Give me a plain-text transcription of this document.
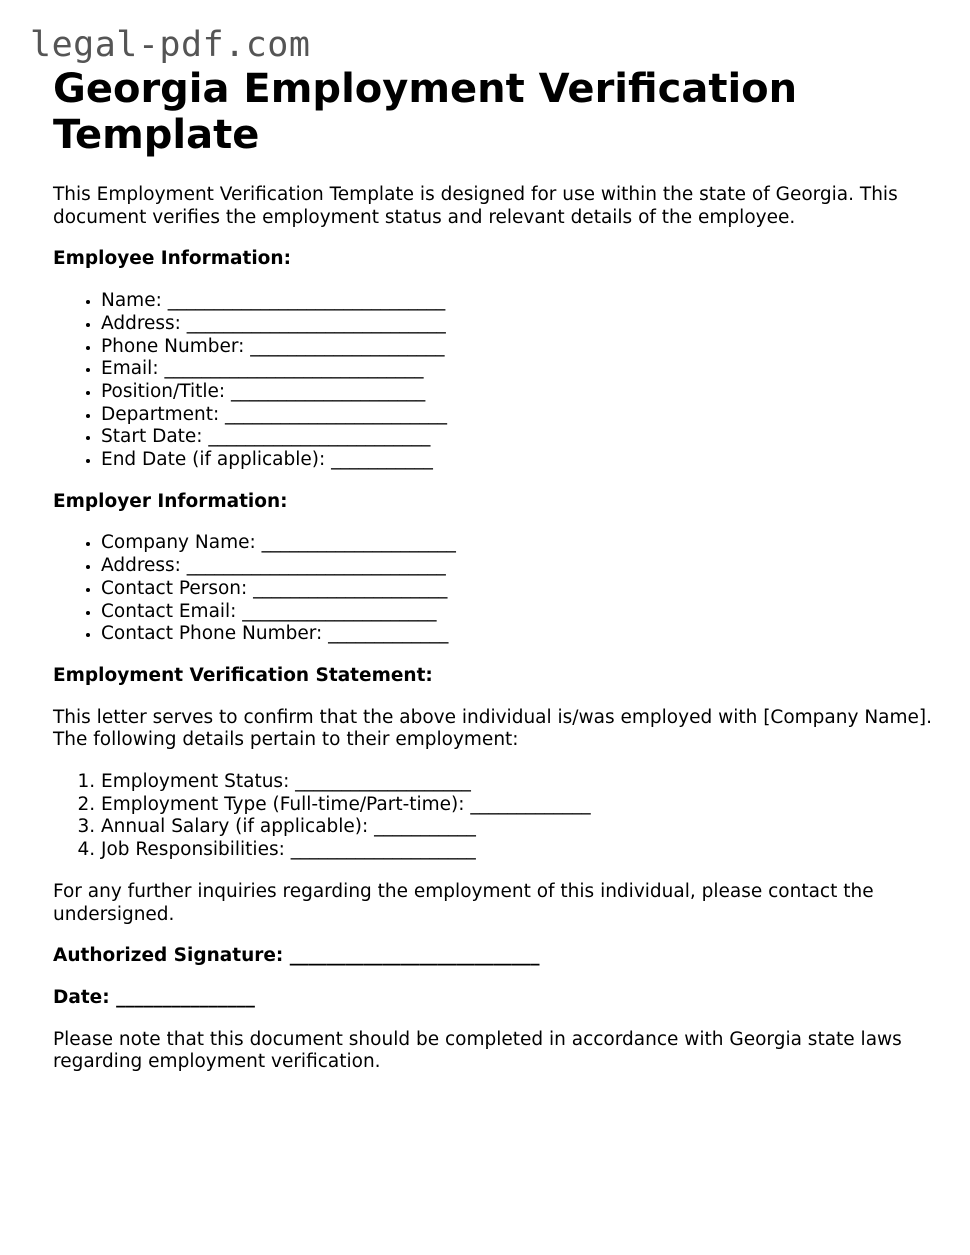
legal-pdf.com
Georgia Employment Verification Template

This Employment Verification Template is designed for use within the state of Georgia. This document verifies the employment status and relevant details of the employee.

Employee Information:
• Name: ______________________________
• Address: ____________________________
• Phone Number: _____________________
• Email: ____________________________
• Position/Title: _____________________
• Department: ________________________
• Start Date: ________________________
• End Date (if applicable): ___________
Employer Information:
• Company Name: _____________________
• Address: ____________________________
• Contact Person: _____________________
• Contact Email: _____________________
• Contact Phone Number: _____________
Employment Verification Statement:

This letter serves to confirm that the above individual is/was employed with [Company Name]. The following details pertain to their employment:

1. Employment Status: ___________________
2. Employment Type (Full-time/Part-time): _____________
3. Annual Salary (if applicable): ___________
4. Job Responsibilities: ____________________

For any further inquiries regarding the employment of this individual, please contact the undersigned.

Authorized Signature: ___________________________
Date: _______________

Please note that this document should be completed in accordance with Georgia state laws regarding employment verification.
